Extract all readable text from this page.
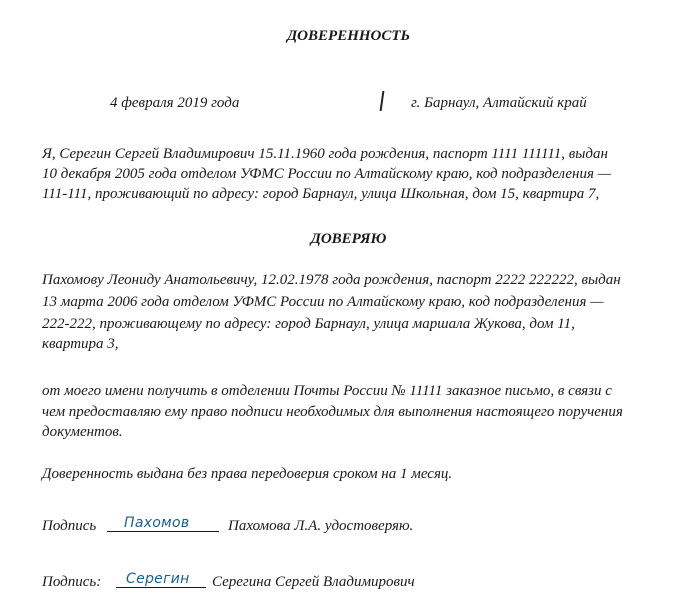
ДОВЕРЕННОСТЬ
4 февраля 2019 года	г. Барнаул, Алтайский край
Я, Серегин Сергей Владимирович 15.11.1960 года рождения, паспорт 1111 111111, выдан
10 декабря 2005 года отделом УФМС России по Алтайскому краю, код подразделения —
111-111, проживающий по адресу: город Барнаул, улица Школьная, дом 15, квартира 7,
ДОВЕРЯЮ
Пахомову Леониду Анатольевичу, 12.02.1978 года рождения, паспорт 2222 222222, выдан
13 марта 2006 года отделом УФМС России по Алтайскому краю, код подразделения —
222-222, проживающему по адресу: город Барнаул, улица маршала Жукова, дом 11,
квартира 3,
от моего имени получить в отделении Почты России № 11111 заказное письмо, в связи с
чем предоставляю ему право подписи необходимых для выполнения настоящего поручения
документов.
Доверенность выдана без права передоверия сроком на 1 месяц.
Подпись Пахомов	Пахомова Л.А. удостоверяю.
Подпись: Серегин Серегина Сергей Владимирович
